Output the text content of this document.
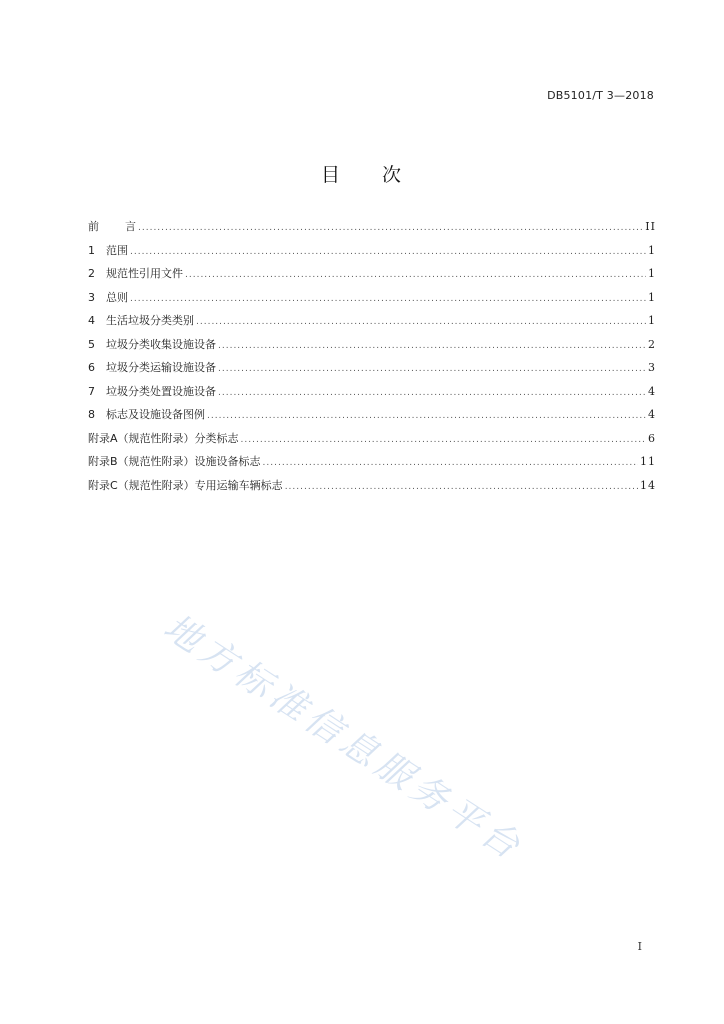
DB5101/T 3—2018
目 次
前 言 .....	II
1	范围 .....	1
2	规范性引用文件 .....	1
3	总则 .....	1
4	生活垃圾分类类别 .....	1
5	垃圾分类收集设施设备 .....	2
6	垃圾分类运输设施设备 .....	3
7	垃圾分类处置设施设备 .....	4
8	标志及设施设备图例 .....	4
附录A（规范性附录）分类标志 .....	6
附录B（规范性附录）设施设备标志 .....	11
附录C（规范性附录）专用运输车辆标志 .....	14
地方标准信息服务平台
I
